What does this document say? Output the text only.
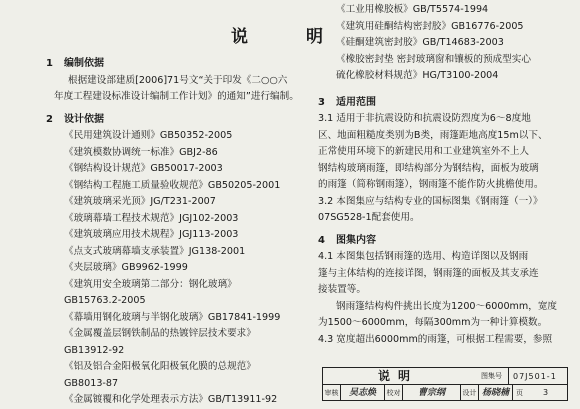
说 明
1 编制依据
根据建设部建质[2006]71号文“关于印发《二○○六
年度工程建设标准设计编制工作计划》的通知”进行编制。
2 设计依据
《民用建筑设计通则》GB50352-2005
《建筑模数协调统一标准》GBJ2-86
《钢结构设计规范》GB50017-2003
《钢结构工程施工质量验收规范》GB50205-2001
《建筑玻璃采光顶》JG/T231-2007
《玻璃幕墙工程技术规范》JGJ102-2003
《建筑玻璃应用技术规程》JGJ113-2003
《点支式玻璃幕墙支承装置》JG138-2001
《夹层玻璃》GB9962-1999
《建筑用安全玻璃第二部分：钢化玻璃》
GB15763.2-2005
《幕墙用钢化玻璃与半钢化玻璃》GB17841-1999
《金属覆盖层钢铁制品的热镀锌层技术要求》
GB13912-92
《铝及铝合金阳极氧化阳极氧化膜的总规范》
GB8013-87
《金属镀覆和化学处理表示方法》GB/T13911-92
《工业用橡胶板》GB/T5574-1994
《建筑用硅酮结构密封胶》GB16776-2005
《硅酮建筑密封胶》GB/T14683-2003
《橡胶密封垫 密封玻璃窗和镶板的预成型实心
硫化橡胶材料规范》HG/T3100-2004
3 适用范围
3.1 适用于非抗震设防和抗震设防烈度为6～8度地
区、地面粗糙度类别为B类，雨篷距地高度15m以下、
正常使用环境下的新建民用和工业建筑室外不上人
钢结构玻璃雨篷，即结构部分为钢结构，面板为玻璃
的雨篷（简称钢雨篷），钢雨篷不能作防火挑檐使用。
3.2 本图集应与结构专业的国标图集《钢雨篷（一）》
07SG528-1配套使用。
4 图集内容
4.1 本图集包括钢雨篷的选用、构造详图以及钢雨
篷与主体结构的连接详图，钢雨篷的面板及其支承连
接装置等。
钢雨篷结构构件挑出长度为1200～6000mm，宽度
为1500～6000mm，每隔300mm为一种计算模数。
4.3 宽度超出6000mm的雨篷，可根据工程需要，参照
说明	图集号 07J501-1
审核	吴志焕	校对	曹宗纲	设计 杨晓楠	页	3
